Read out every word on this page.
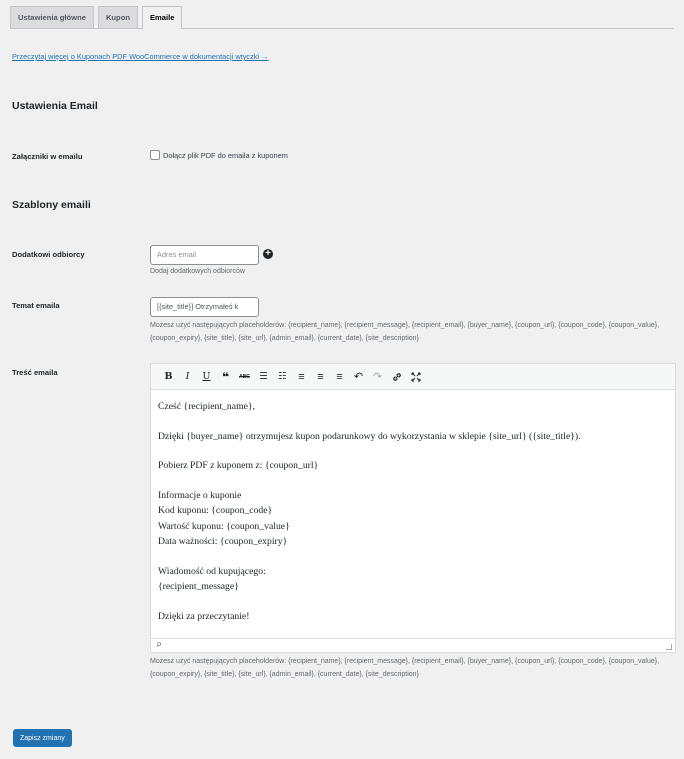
Ustawienia główne	Kupon	Emaile
Przeczytaj więcej o Kuponach PDF WooCommerce w dokumentacji wtyczki →
Ustawienia Email
Załączniki w emailu	Dołącz plik PDF do emaila z kuponem
Szablony emaili
Dodatkowi odbiorcy	Adres email	+
Dodaj dodatkowych odbiorców
Temat emaila	[{site_title}] Otrzymałeś k
Możesz użyć następujących placeholderów: {recipient_name}, {recipient_message}, {recipient_email}, {buyer_name}, {coupon_url}, {coupon_code}, {coupon_value}, {coupon_expiry}, {site_title}, {site_url}, {admin_email}, {current_date}, {site_description}
Treść emaila	B	I	U ❝	ABC ☰	☷	≡	≡	≡	↶ ↷

Cześć {recipient_name},

Dzięki {buyer_name} otrzymujesz kupon podarunkowy do wykorzystania w sklepie {site_url} ({site_title}).

Pobierz PDF z kuponem z: {coupon_url}

Informacje o kuponie

Kod kuponu: {coupon_code}

Wartość kuponu: {coupon_value}

Data ważności: {coupon_expiry}

Wiadomość od kupującego:

{recipient_message}

Dzięki za przeczytanie!

P
Możesz użyć następujących placeholderów: {recipient_name}, {recipient_message}, {recipient_email}, {buyer_name}, {coupon_url}, {coupon_code}, {coupon_value}, {coupon_expiry}, {site_title}, {site_url}, {admin_email}, {current_date}, {site_description}
Zapisz zmiany
